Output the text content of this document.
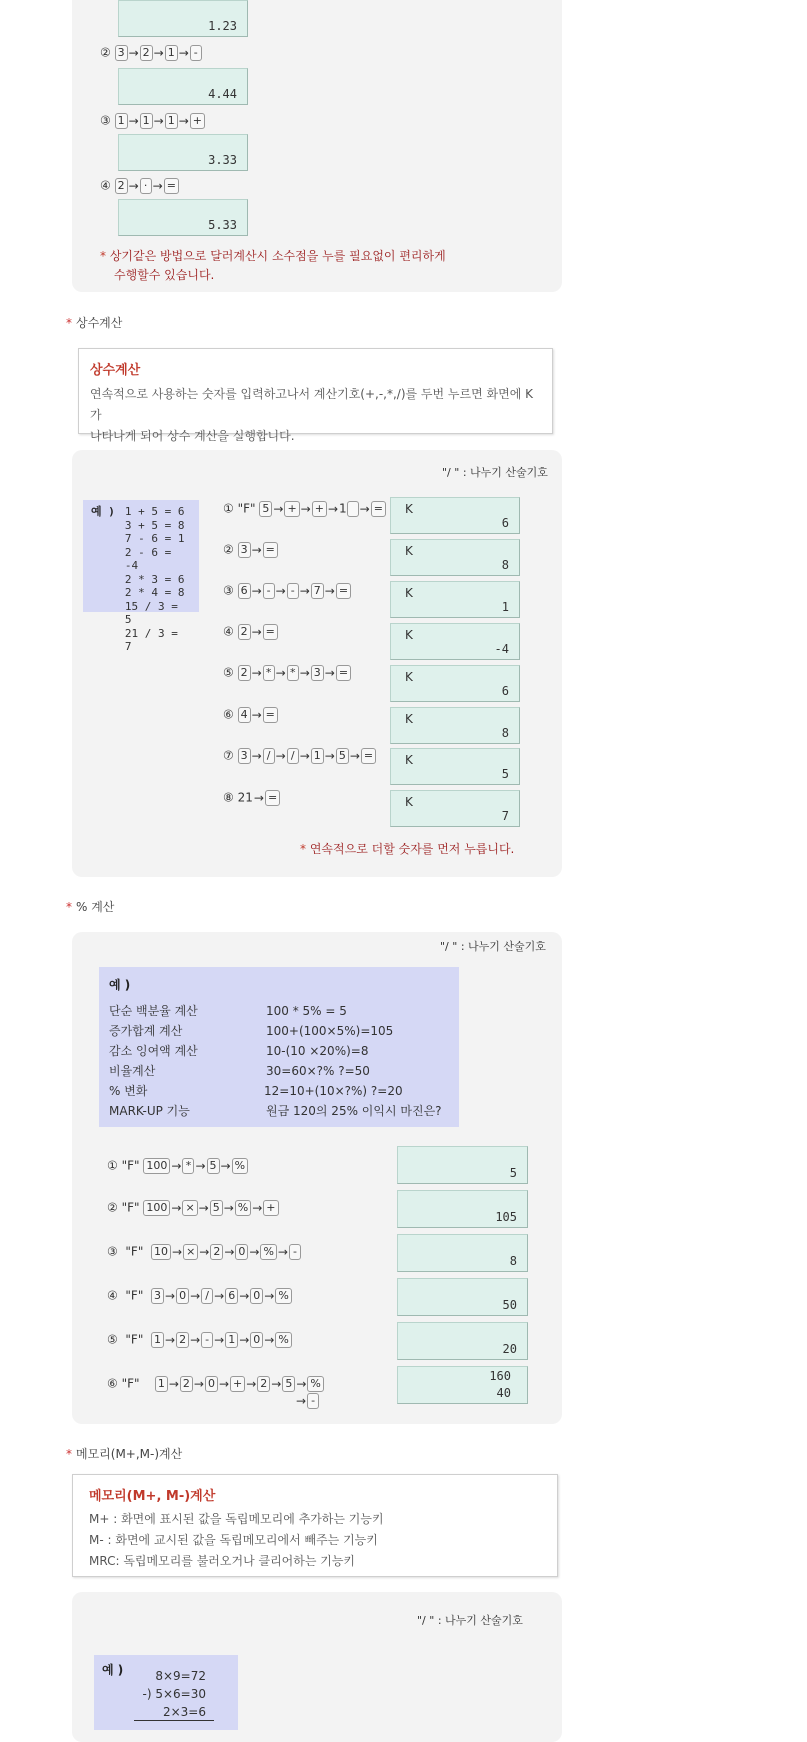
1.23
② 3 → 2 → 1 → -
4.44
③ 1 → 1 → 1 → +
3.33
④ 2 → · → =
5.33
* 상기같은 방법으로 달러계산시 소수점을 누를 필요없이 편리하게
수행할수 있습니다.
* 상수계산
상수계산
연속적으로 사용하는 숫자를 입력하고나서 계산기호(+,-,*,/)를 두번 누르면 화면에 K가
나타나게 되어 상수 계산을 실행합니다.
"/ " : 나누기 산술기호
예 ) 1 + 5 = 6
3 + 5 = 8
7 - 6 = 1
2 - 6 = -4
2 * 3 = 6
2 * 4 = 8
15 / 3 = 5
21 / 3 = 7
① "F" 5 → + → + →1 → = K
6
② 3 → =	K
8
③ 6 → - → - → 7 → =	K
1
④ 2 → =	K
-4
⑤ 2 → * → * → 3 → =	K
6
⑥ 4 → =	K
8
⑦ 3 → / → / → 1 → 5 → =	K
5
⑧ 21→ =	K
7
* 연속적으로 더할 숫자를 먼저 누릅니다.
* % 계산
"/ " : 나누기 산술기호
예 )
단순 백분율 계산	100 * 5% = 5
증가합계 계산	100+(100×5%)=105
감소 잉여액 계산	10-(10 ×20%)=8
비율계산	30=60×?% ?=50
% 변화	12=10+(10×?%) ?=20
MARK-UP 기능	원금 120의 25% 이익시 마진은?
① "F" 100 → * → 5 → %
5
② "F" 100 → × → 5 → % → +
105
③ "F" 10 → × → 2 → 0 → % → -
8
④ "F" 3 → 0 → / → 6 → 0 → %
50
⑤ "F" 1 → 2 → - → 1 → 0 → %
20
⑥ "F" 1 → 2 → 0 → + → 2 → 5 → %
→ -
160
40
* 메모리(M+,M-)계산
메모리(M+, M-)계산
M+ : 화면에 표시된 값을 독립메모리에 추가하는 기능키
M- : 화면에 교시된 값을 독립메모리에서 빼주는 기능키
MRC: 독립메모리를 불러오거나 클리어하는 기능키
"/ " : 나누기 산술기호
예 )	8×9=72
-) 5×6=30
2×3=6
